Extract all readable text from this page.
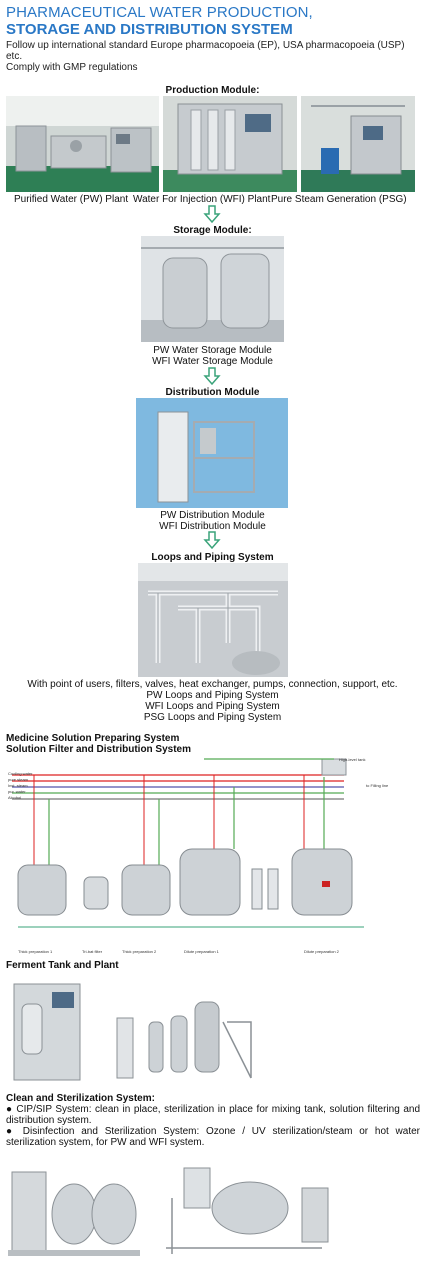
PHARMACEUTICAL WATER PRODUCTION,
STORAGE AND DISTRIBUTION SYSTEM
Follow up international standard Europe pharmacopoeia (EP), USA pharmacopoeia (USP) etc.
Comply with GMP regulations
Production Module:
Purified Water (PW) Plant Water For Injection (WFI) Plant Pure Steam Generation (PSG)
Storage Module:
PW Water Storage Module
WFI Water Storage Module
Distribution Module
PW Distribution Module
WFI Distribution Module
Loops and Piping System
With point of users, filters, valves, heat exchanger, pumps, connection, support, etc.
PW Loops and Piping System
WFI Loops and Piping System
PSG Loops and Piping System
Medicine Solution Preparing System
Solution Filter and Distribution System
High-level tank
to Filling line
Cooling water
pure steam
Inst. steam
pur. water
Alcohol
Thick preparation 1	Tri-bat filter	Thick preparation 2	Dilute preparation 1	Dilute preparation 2
Ferment Tank and Plant
Clean and Sterilization System:
● CIP/SIP System: clean in place, sterilization in place for mixing tank, solution filtering and distribution system.
● Disinfection and Sterilization System: Ozone / UV sterilization/steam or hot water sterilization system, for PW and WFI system.
